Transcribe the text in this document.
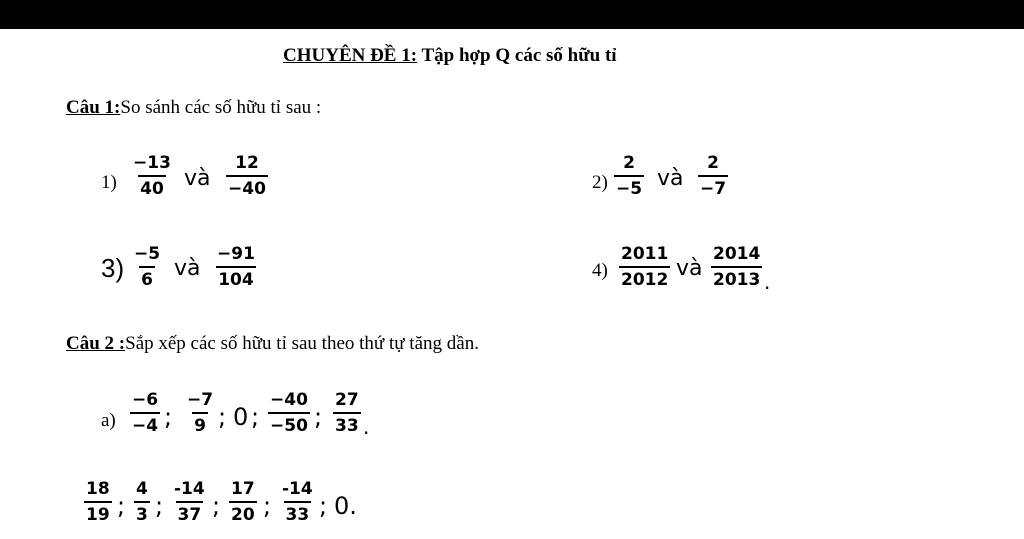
CHUYÊN ĐỀ 1: Tập hợp Q các số hữu tỉ
Câu 1:So sánh các số hữu tỉ sau :
$1) \frac{-13}{40}$ và $\frac{12}{-40}$	$2) \frac{2}{-5}$ và $\frac{2}{-7}$
$3) \frac{-5}{6}$ và $\frac{-91}{104}$	$4) \frac{2011}{2012}$ và $\frac{2014}{2013}$ .
Câu 2 :Sắp xếp các số hữu tỉ sau theo thứ tự tăng dần.
$a) \frac{-6}{-4}$ ; $\frac{-7}{9}$ ; 0 ; $\frac{-40}{-50}$ ; $\frac{27}{33}$ .
$\frac{18}{19}$ ; $\frac{4}{3}$ ; $\frac{-14}{37}$ ; $\frac{17}{20}$ ; $\frac{-14}{33}$ ; 0.
